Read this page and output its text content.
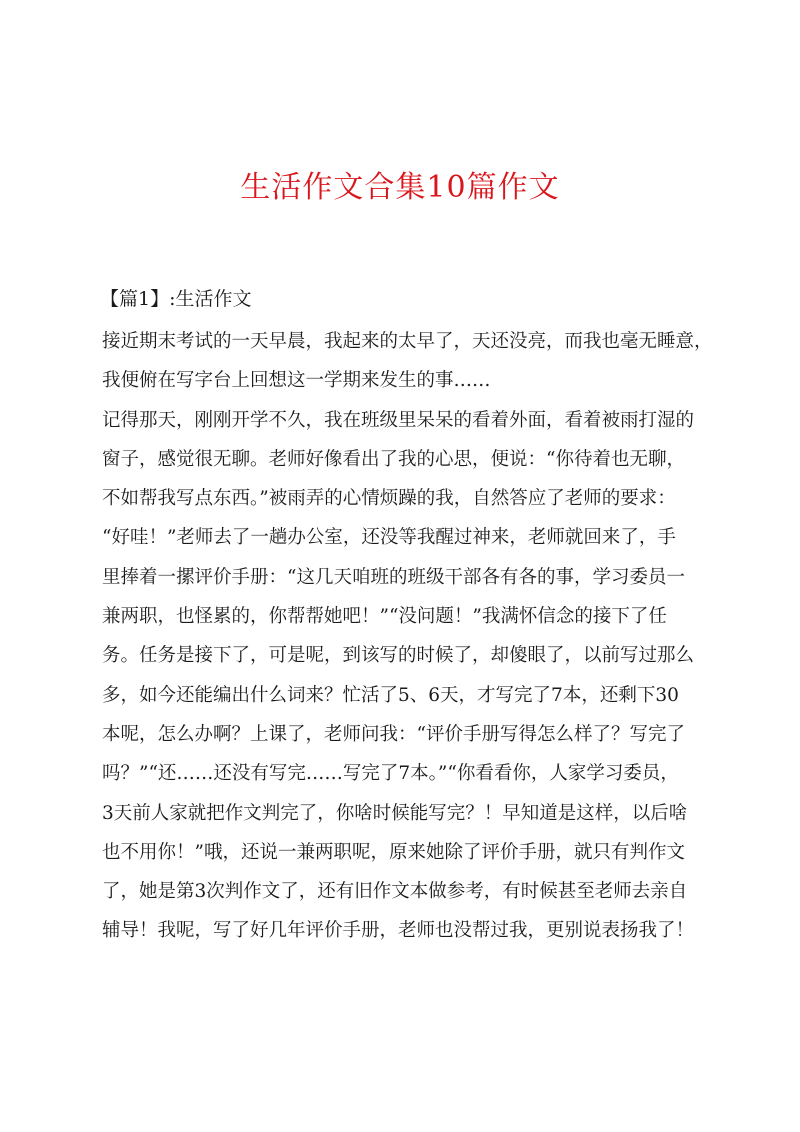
生活作文合集10篇作文
【篇1】:生活作文
接近期末考试的一天早晨，我起来的太早了，天还没亮，而我也毫无睡意，
我便俯在写字台上回想这一学期来发生的事……
记得那天，刚刚开学不久，我在班级里呆呆的看着外面，看着被雨打湿的
窗子，感觉很无聊。老师好像看出了我的心思，便说：“你待着也无聊，
不如帮我写点东西。”被雨弄的心情烦躁的我，自然答应了老师的要求：
“好哇！”老师去了一趟办公室，还没等我醒过神来，老师就回来了，手
里捧着一摞评价手册：“这几天咱班的班级干部各有各的事，学习委员一
兼两职，也怪累的，你帮帮她吧！”“没问题！”我满怀信念的接下了任
务。任务是接下了，可是呢，到该写的时候了，却傻眼了，以前写过那么
多，如今还能编出什么词来？忙活了5、6天，才写完了7本，还剩下30
本呢，怎么办啊？上课了，老师问我：“评价手册写得怎么样了？写完了
吗？”“还……还没有写完……写完了7本。”“你看看你，人家学习委员，
3天前人家就把作文判完了，你啥时候能写完？！早知道是这样，以后啥
也不用你！”哦，还说一兼两职呢，原来她除了评价手册，就只有判作文
了，她是第3次判作文了，还有旧作文本做参考，有时候甚至老师去亲自
辅导！我呢，写了好几年评价手册，老师也没帮过我，更别说表扬我了！
